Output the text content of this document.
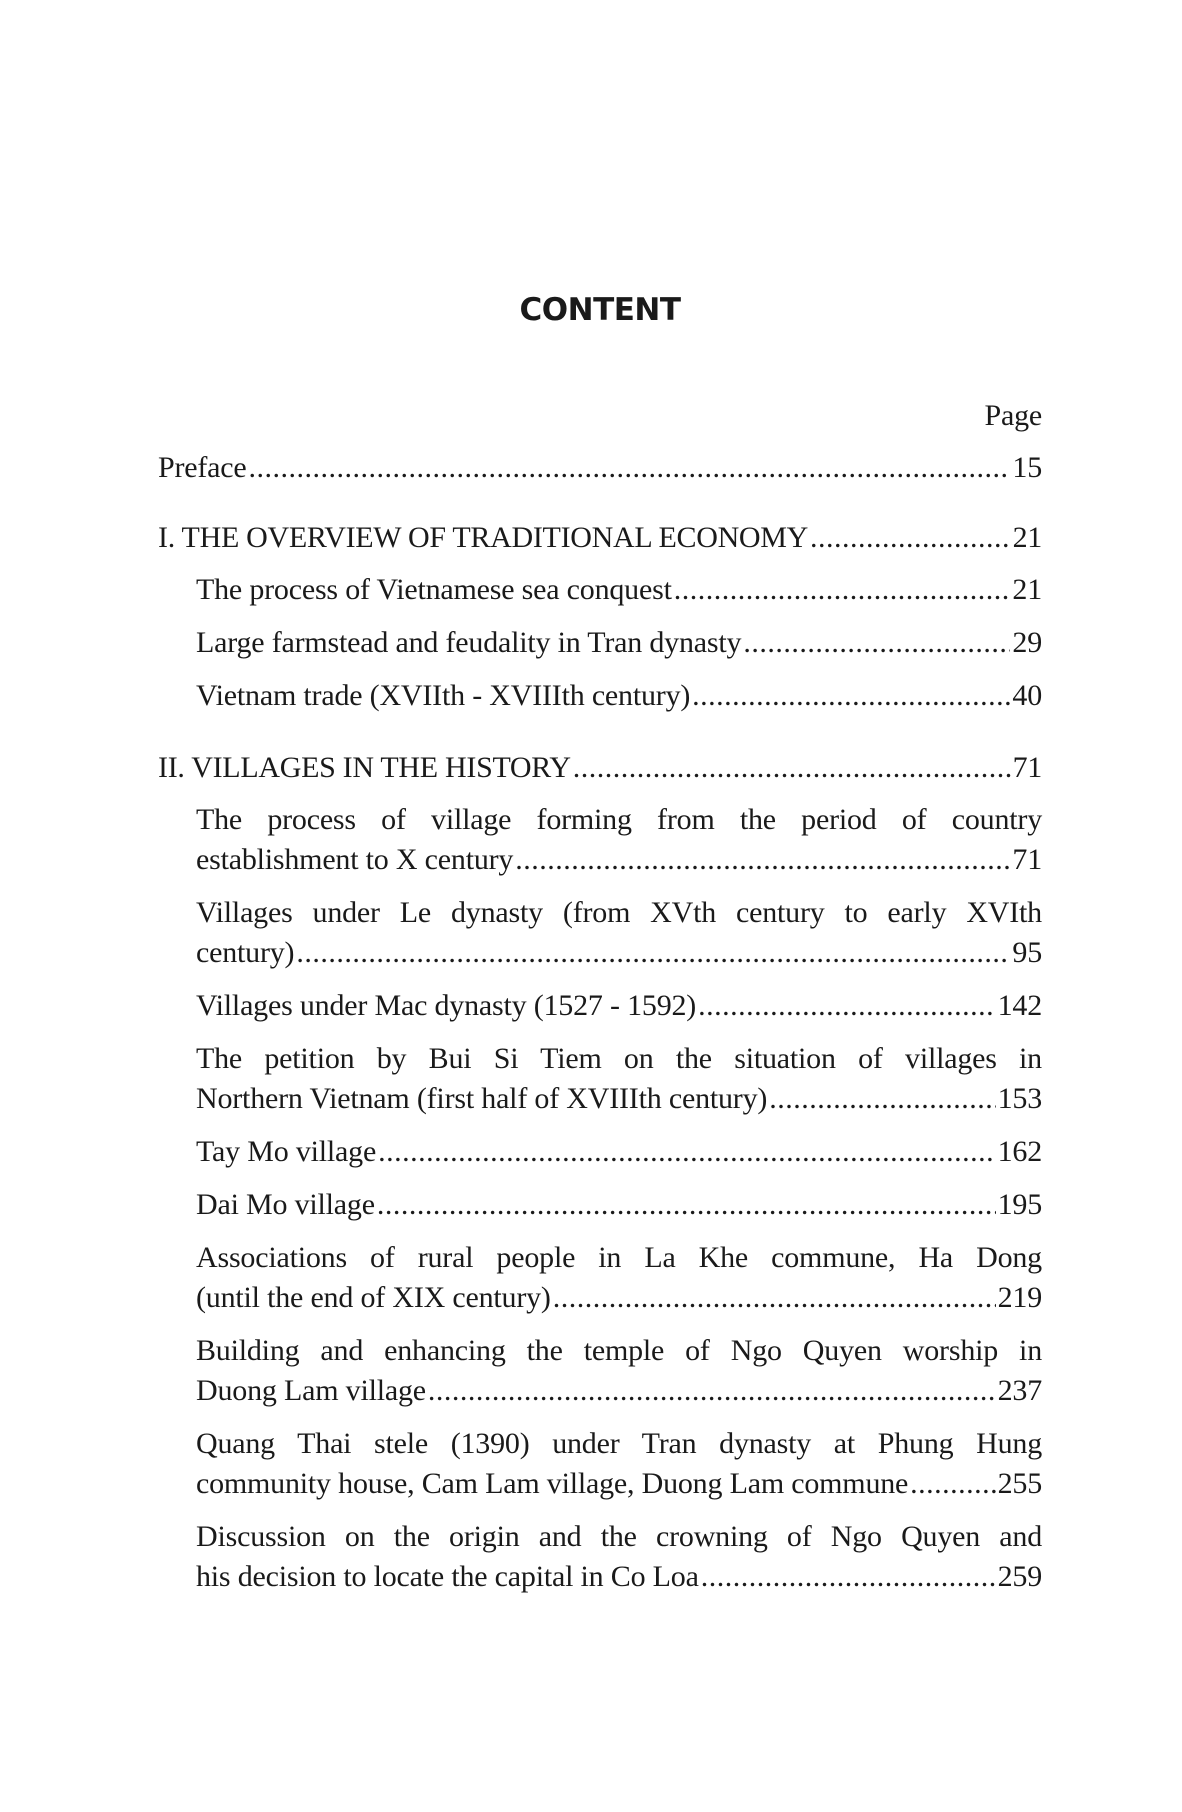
CONTENT
Page
Preface .....	15
I. THE OVERVIEW OF TRADITIONAL ECONOMY .....	21
The process of Vietnamese sea conquest .....	21
Large farmstead and feudality in Tran dynasty .....	29
Vietnam trade (XVIIth - XVIIIth century) .....	40
II. VILLAGES IN THE HISTORY .....	71
The process of village forming from the period of country
establishment to X century .....	71
Villages under Le dynasty (from XVth century to early XVIth
century) .....	95
Villages under Mac dynasty (1527 - 1592) .....	142
The petition by Bui Si Tiem on the situation of villages in
Northern Vietnam (first half of XVIIIth century) .....	153
Tay Mo village .....	162
Dai Mo village .....	195
Associations of rural people in La Khe commune, Ha Dong
(until the end of XIX century) .....	219
Building and enhancing the temple of Ngo Quyen worship in
Duong Lam village .....	237
Quang Thai stele (1390) under Tran dynasty at Phung Hung
community house, Cam Lam village, Duong Lam commune .....	255
Discussion on the origin and the crowning of Ngo Quyen and
his decision to locate the capital in Co Loa .....	259
